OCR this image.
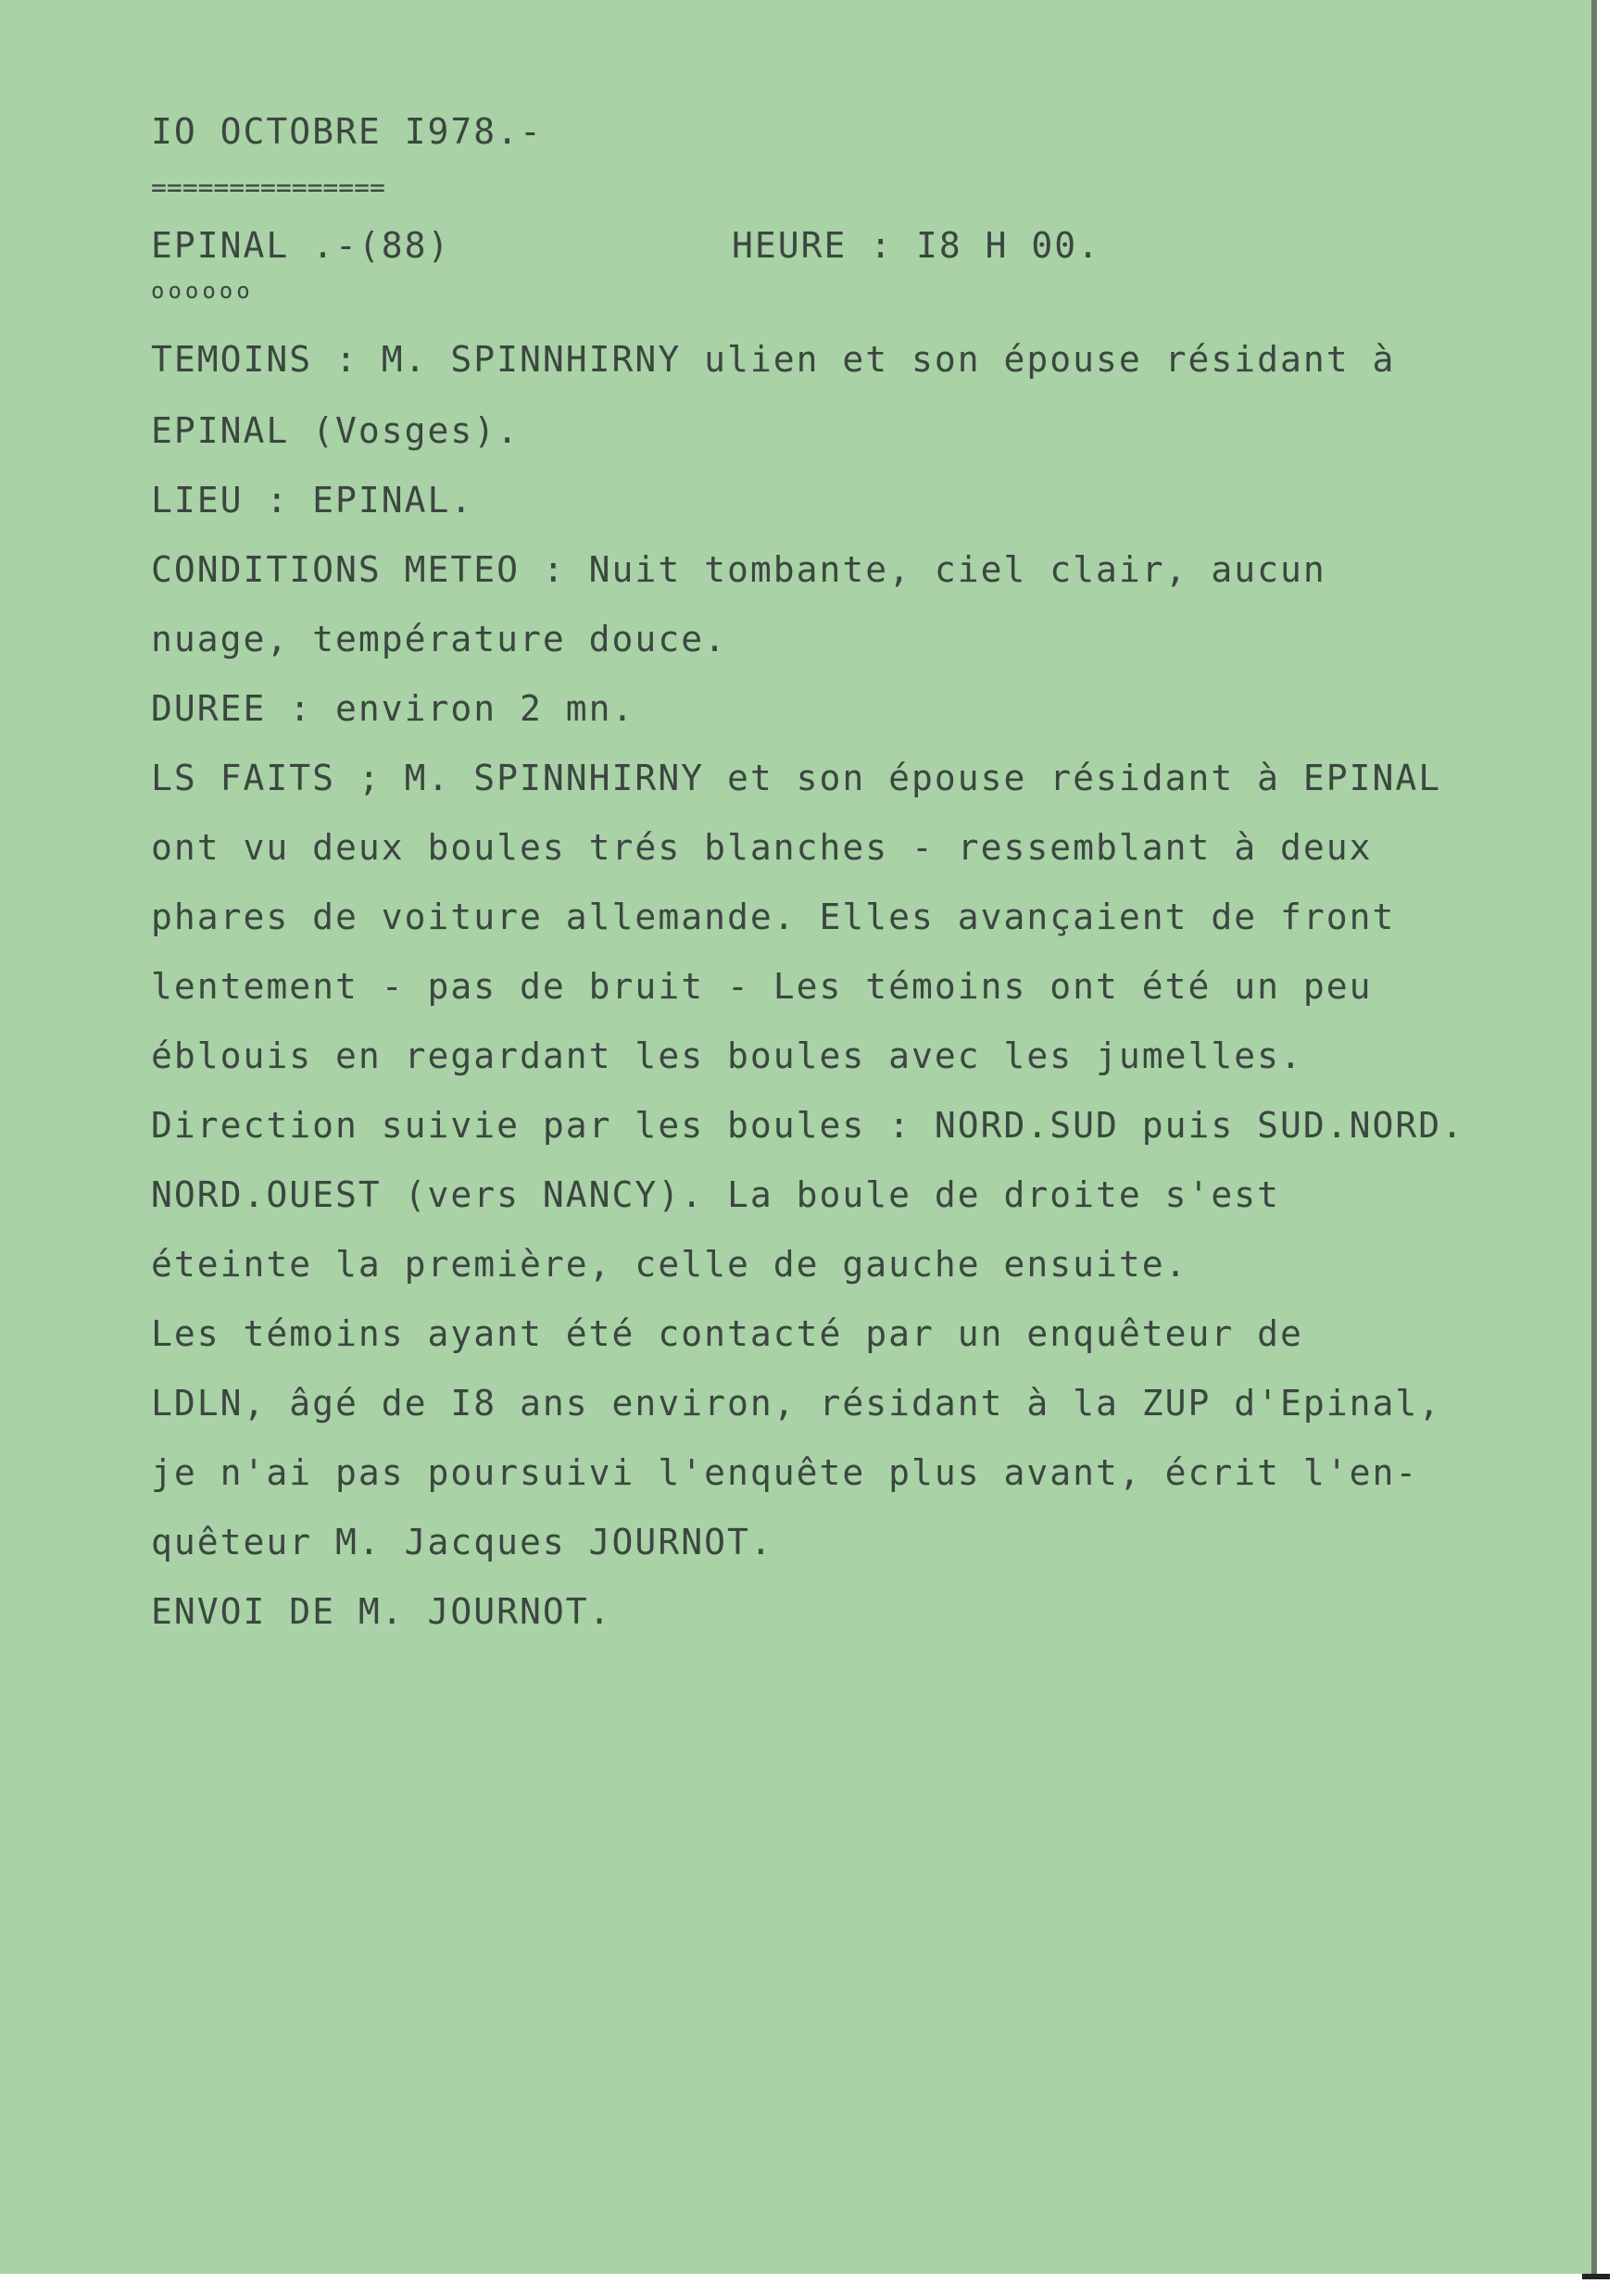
IO OCTOBRE I978.-

===============

EPINAL .-(88)	HEURE : I8 H 00.

oooooo

TEMOINS : M. SPINNHIRNY ulien et son épouse résidant à

EPINAL (Vosges).

LIEU : EPINAL.

CONDITIONS METEO : Nuit tombante, ciel clair, aucun

nuage, température douce.

DUREE : environ 2 mn.

LS FAITS ; M. SPINNHIRNY et son épouse résidant à EPINAL

ont vu deux boules trés blanches - ressemblant à deux

phares de voiture allemande. Elles avançaient de front

lentement - pas de bruit - Les témoins ont été un peu

éblouis en regardant les boules avec les jumelles.

Direction suivie par les boules : NORD.SUD puis SUD.NORD.

NORD.OUEST (vers NANCY). La boule de droite s'est

éteinte la première, celle de gauche ensuite.

Les témoins ayant été contacté par un enquêteur de

LDLN, âgé de I8 ans environ, résidant à la ZUP d'Epinal,

je n'ai pas poursuivi l'enquête plus avant, écrit l'en-

quêteur M. Jacques JOURNOT.

ENVOI DE M. JOURNOT.
